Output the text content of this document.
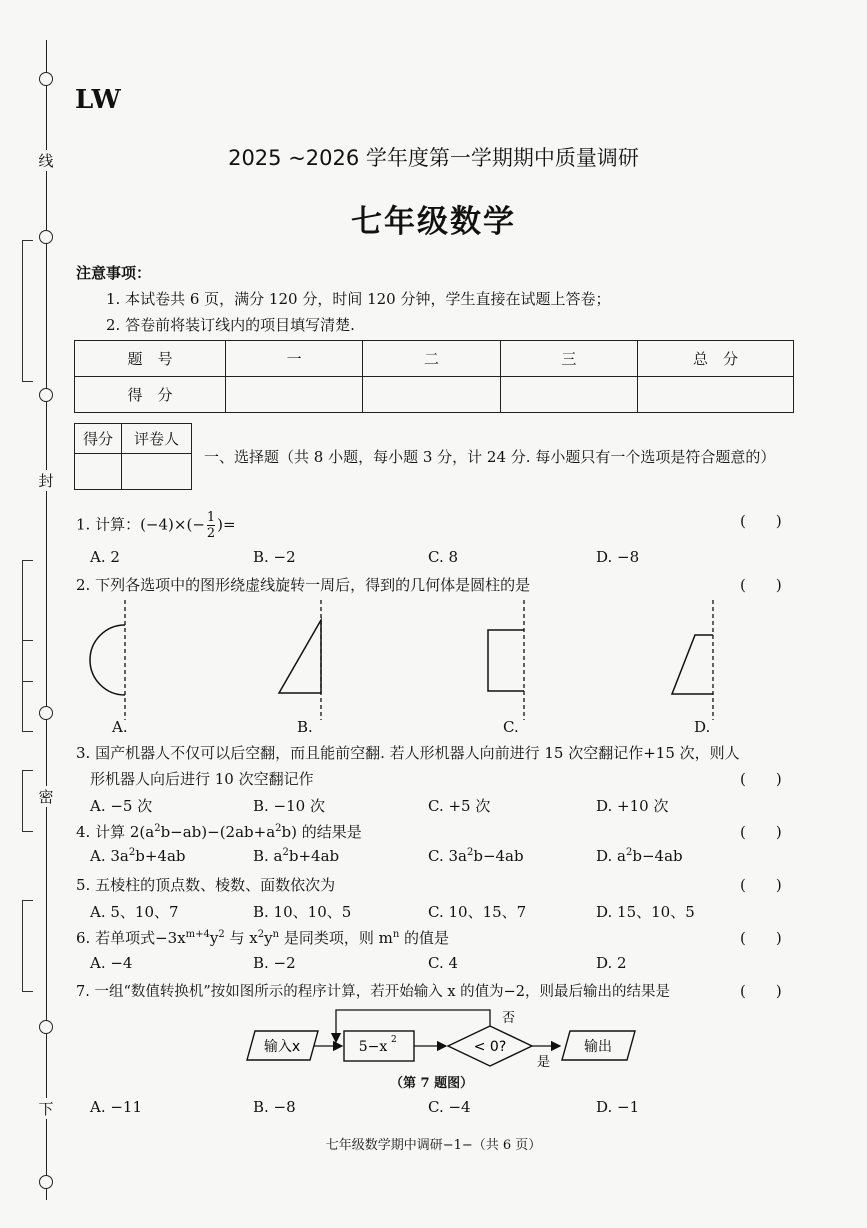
线
封
密
下
LW
2025 ~2026 学年度第一学期期中质量调研
七年级数学
注意事项：
1. 本试卷共 6 页，满分 120 分，时间 120 分钟，学生直接在试题上答卷；
2. 答卷前将装订线内的项目填写清楚.
题　号	一	二	三	总　分
得　分				
得分	评卷人

一、选择题（共 8 小题，每小题 3 分，计 24 分. 每小题只有一个选项是符合题意的）
1. 计算：$(-4)\times(- \frac{1}{2}$ )=	(　　)
A. 2	B. −2	C. 8	D. −8
2. 下列各选项中的图形绕虚线旋转一周后，得到的几何体是圆柱的是	(　　)
A.	B.	C.	D.
3. 国产机器人不仅可以后空翻，而且能前空翻. 若人形机器人向前进行 15 次空翻记作+15 次，则人
形机器人向后进行 10 次空翻记作	(　　)
A. −5 次	B. −10 次	C. +5 次	D. +10 次
4. 计算 $2(a^2b-ab)-(2ab+a^2b)$ 的结果是	(　　)
A. $3a^2b+4ab$	B. $a^2b+4ab$	C. $3a^2b-4ab$	D. $a^2b-4ab$
5. 五棱柱的顶点数、棱数、面数依次为	(　　)
A. 5、10、7	B. 10、10、5	C. 10、15、7	D. 15、10、5
6. 若单项式$-3x^{m+4}y^2$ 与 $x^2y^n$ 是同类项，则 $m^n$ 的值是	(　　)
A. −4	B. −2	C. 4	D. 2
7. 一组“数值转换机”按如图所示的程序计算，若开始输入 x 的值为−2，则最后输出的结果是	(　　)
输入x	5−x 2	< 0?
否
是
输出
（第 7 题图）
A. −11	B. −8	C. −4	D. −1
七年级数学期中调研−1−（共 6 页）
